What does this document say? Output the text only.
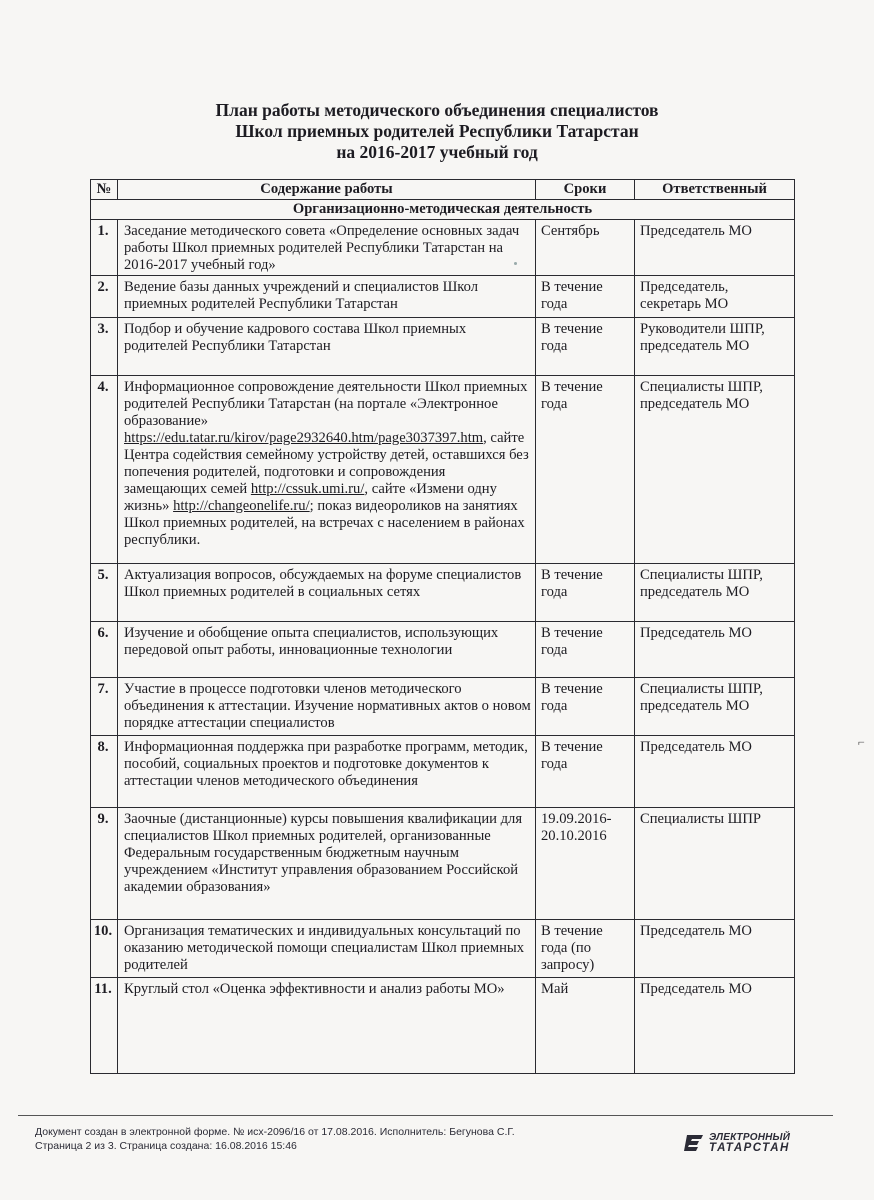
План работы методического объединения специалистов
Школ приемных родителей Республики Татарстан
на 2016-2017 учебный год
№	Содержание работы	Сроки	Ответственный
Организационно-методическая деятельность			
1.	Заседание методического совета «Определение основных задач работы Школ приемных родителей Республики Татарстан на 2016-2017 учебный год»	Сентябрь	Председатель МО
2.	Ведение базы данных учреждений и специалистов Школ приемных родителей Республики Татарстан	В течение года	Председатель, секретарь МО
3.	Подбор и обучение кадрового состава Школ приемных родителей Республики Татарстан	В течение года	Руководители ШПР, председатель МО
4.	Информационное сопровождение деятельности Школ приемных родителей Республики Татарстан (на портале «Электронное образование» https://edu.tatar.ru/kirov/page2932640.htm/page3037397.htm, сайте Центра содействия семейному устройству детей, оставшихся без попечения родителей, подготовки и сопровождения замещающих семей http://cssuk.umi.ru/, сайте «Измени одну жизнь» http://changeonelife.ru/; показ видеороликов на занятиях Школ приемных родителей, на встречах с населением в районах республики.	В течение года	Специалисты ШПР, председатель МО
5.	Актуализация вопросов, обсуждаемых на форуме специалистов Школ приемных родителей в социальных сетях	В течение года	Специалисты ШПР, председатель МО
6.	Изучение и обобщение опыта специалистов, использующих передовой опыт работы, инновационные технологии	В течение года	Председатель МО
7.	Участие в процессе подготовки членов методического объединения к аттестации. Изучение нормативных актов о новом порядке аттестации специалистов	В течение года	Специалисты ШПР, председатель МО
8.	Информационная поддержка при разработке программ, методик, пособий, социальных проектов и подготовке документов к аттестации членов методического объединения	В течение года	Председатель МО
9.	Заочные (дистанционные) курсы повышения квалификации для специалистов Школ приемных родителей, организованные Федеральным государственным бюджетным научным учреждением «Институт управления образованием Российской академии образования»	19.09.2016-20.10.2016	Специалисты ШПР
10.	Организация тематических и индивидуальных консультаций по оказанию методической помощи специалистам Школ приемных родителей	В течение года (по запросу)	Председатель МО
11.	Круглый стол «Оценка эффективности и анализ работы МО»	Май	Председатель МО
⌐
Документ создан в электронной форме. № исх-2096/16 от 17.08.2016. Исполнитель: Бегунова С.Г.
Страница 2 из 3. Страница создана: 16.08.2016 15:46
ЭЛЕКТРОННЫЙ
ТАТАРСТАН
